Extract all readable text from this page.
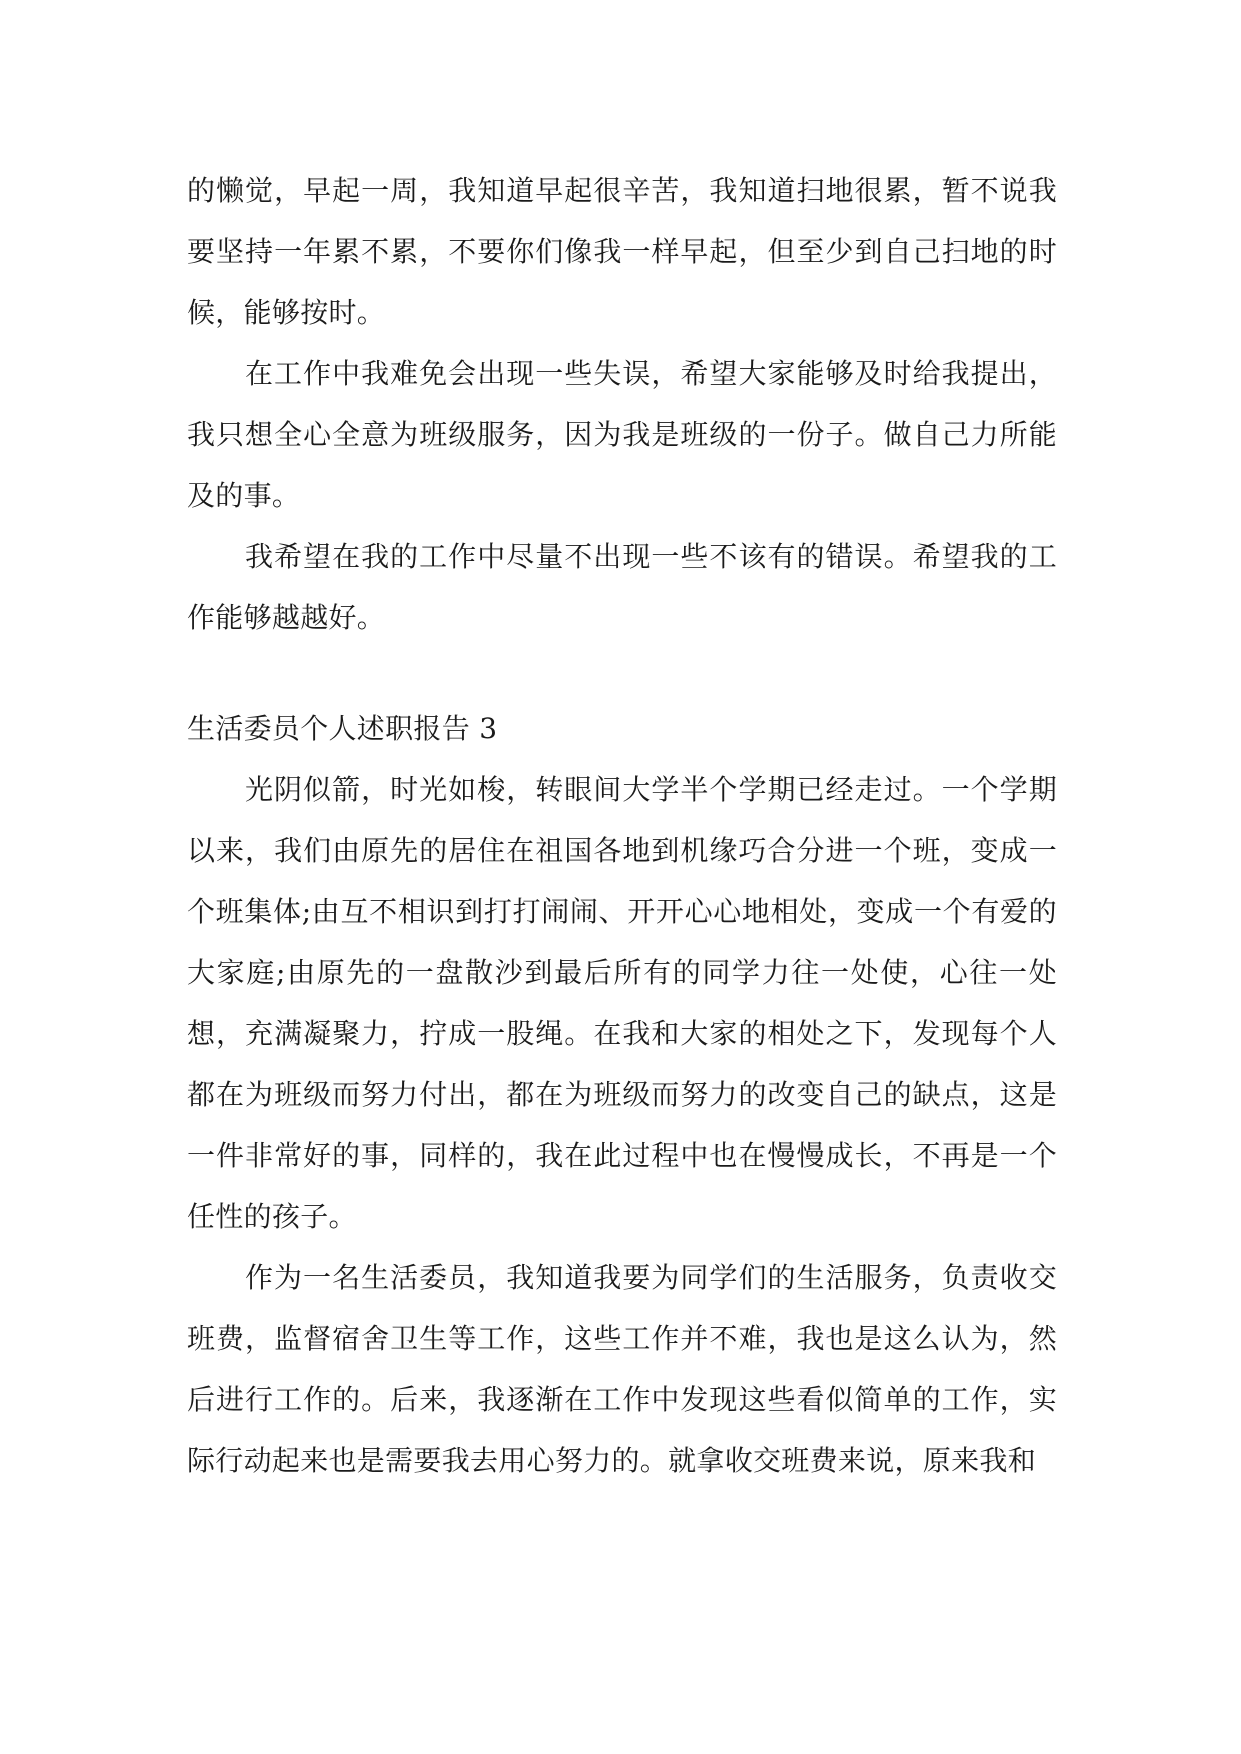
的懒觉，早起一周，我知道早起很辛苦，我知道扫地很累，暂不说我要坚持一年累不累，不要你们像我一样早起，但至少到自己扫地的时候，能够按时。

在工作中我难免会出现一些失误，希望大家能够及时给我提出，我只想全心全意为班级服务，因为我是班级的一份子。做自己力所能及的事。

我希望在我的工作中尽量不出现一些不该有的错误。希望我的工作能够越越好。

生活委员个人述职报告 3

光阴似箭，时光如梭，转眼间大学半个学期已经走过。一个学期以来，我们由原先的居住在祖国各地到机缘巧合分进一个班，变成一个班集体;由互不相识到打打闹闹、开开心心地相处，变成一个有爱的大家庭;由原先的一盘散沙到最后所有的同学力往一处使，心往一处想，充满凝聚力，拧成一股绳。在我和大家的相处之下，发现每个人都在为班级而努力付出，都在为班级而努力的改变自己的缺点，这是一件非常好的事，同样的，我在此过程中也在慢慢成长，不再是一个任性的孩子。

作为一名生活委员，我知道我要为同学们的生活服务，负责收交班费，监督宿舍卫生等工作，这些工作并不难，我也是这么认为，然后进行工作的。后来，我逐渐在工作中发现这些看似简单的工作，实际行动起来也是需要我去用心努力的。就拿收交班费来说，原来我和
